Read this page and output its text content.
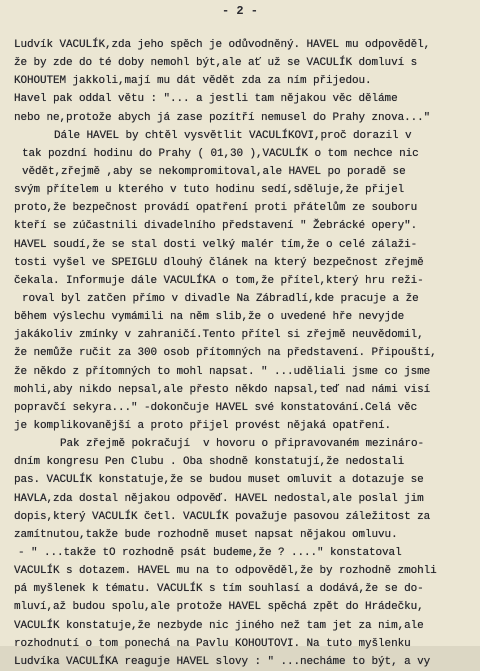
- 2 -
Ludvík VACULÍK,zda jeho spěch je odůvodněný. HAVEL mu odpověděl,
že by zde do té doby nemohl být,ale ať už se VACULÍK domluví s
KOHOUTEM jakkoli,mají mu dát vědět zda za ním přijedou.
Havel pak oddal větu : "... a jestli tam nějakou věc děláme
nebo ne,protože abych já zase pozítří nemusel do Prahy znova..."
Dále HAVEL by chtěl vysvětlit VACULÍKOVI,proč dorazil v
tak pozdní hodinu do Prahy ( 01,30 ),VACULÍK o tom nechce nic
vědět,zřejmě ,aby se nekompromitoval,ale HAVEL po poradě se
svým přítelem u kterého v tuto hodinu sedí,sděluje,že přijel
proto,že bezpečnost provádí opatření proti přátelům ze souboru
kteří se zúčastnili divadelního představení " Žebrácké opery".
HAVEL soudí,že se stal dosti velký malér tím,že o celé zálaži-
tosti vyšel ve SPEIGLU dlouhý článek na který bezpečnost zřejmě
čekala. Informuje dále VACULÍKA o tom,že přítel,který hru reži-
roval byl zatčen přímo v divadle Na Zábradlí,kde pracuje a že
během výslechu vymámili na něm slib,že o uvedené hře nevyjde
jakákoliv zmínky v zahraničí.Tento přítel si zřejmě neuvědomil,
že nemůže ručit za 300 osob přítomných na představení. Připouští,
že někdo z přítomných to mohl napsat. " ...uděliali jsme co jsme
mohli,aby nikdo nepsal,ale přesto někdo napsal,teď nad námi visí
popravčí sekyra..." -dokončuje HAVEL své konstatování.Celá věc
je komplikovanější a proto přijel provést nějaká opatření.
Pak zřejmě pokračují  v hovoru o připravovaném mezináro-
dním kongresu Pen Clubu . Oba shodně konstatují,že nedostali
pas. VACULÍK konstatuje,že se budou muset omluvit a dotazuje se
HAVLA,zda dostal nějakou odpověď. HAVEL nedostal,ale poslal jim
dopis,který VACULÍK četl. VACULÍK považuje pasovou záležitost za
zamítnutou,takže bude rozhodně muset napsat nějakou omluvu.
- " ...takže tO rozhodně psát budeme,že ? ...." konstatoval
VACULÍK s dotazem. HAVEL mu na to odpověděl,že by rozhodně zmohli
pá myšlenek k tématu. VACULÍK s tím souhlasí a dodává,že se do-
mluví,až budou spolu,ale protože HAVEL spěchá zpět do Hrádečku,
VACULÍK konstatuje,že nezbyde nic jiného než tam jet za nim,ale
rozhodnutí o tom ponechá na Pavlu KOHOUTOVI. Na tuto myšlenku
Ludvíka VACULÍKA reaguje HAVEL slovy : " ...necháme to být, a vy
